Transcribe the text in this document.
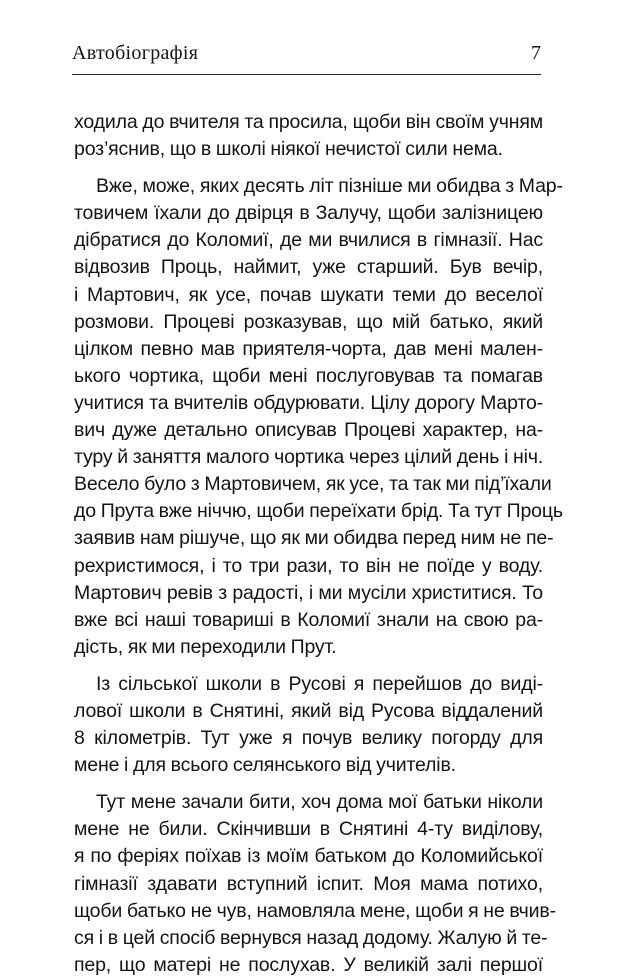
Автобіографія	7
ходила до вчителя та просила, щоби він своїм учням
роз’яснив, що в школі ніякої нечистої сили нема.
Вже, може, яких десять літ пізніше ми обидва з Мар-
товичем їхали до двірця в Залучу, щоби залізницею
дібратися до Коломиї, де ми вчилися в гімназії. Нас
відвозив Проць, наймит, уже старший. Був вечір,
і Мартович, як усе, почав шукати теми до веселої
розмови. Процеві розказував, що мій батько, який
цілком певно мав приятеля-чорта, дав мені мален-
ького чортика, щоби мені послуговував та помагав
учитися та вчителів обдурювати. Цілу дорогу Марто-
вич дуже детально описував Процеві характер, на-
туру й заняття малого чортика через цілий день і ніч.
Весело було з Мартовичем, як усе, та так ми під’їхали
до Прута вже ніччю, щоби переїхати брід. Та тут Проць
заявив нам рішуче, що як ми обидва перед ним не пе-
рехристимося, і то три рази, то він не поїде у воду.
Мартович ревів з радості, і ми мусіли христитися. То
вже всі наші товариші в Коломиї знали на свою ра-
дість, як ми переходили Прут.
Із сільської школи в Русові я перейшов до виді-
лової школи в Снятині, який від Русова віддалений
8 кілометрів. Тут уже я почув велику погорду для
мене і для всього селянського від учителів.
Тут мене зачали бити, хоч дома мої батьки ніколи
мене не били. Скінчивши в Снятині 4-ту виділову,
я по феріях поїхав із моїм батьком до Коломийської
гімназії здавати вступний іспит. Моя мама потихо,
щоби батько не чув, намовляла мене, щоби я не вчив-
ся і в цей спосіб вернувся назад додому. Жалую й те-
пер, що матері не послухав. У великій залі першої
